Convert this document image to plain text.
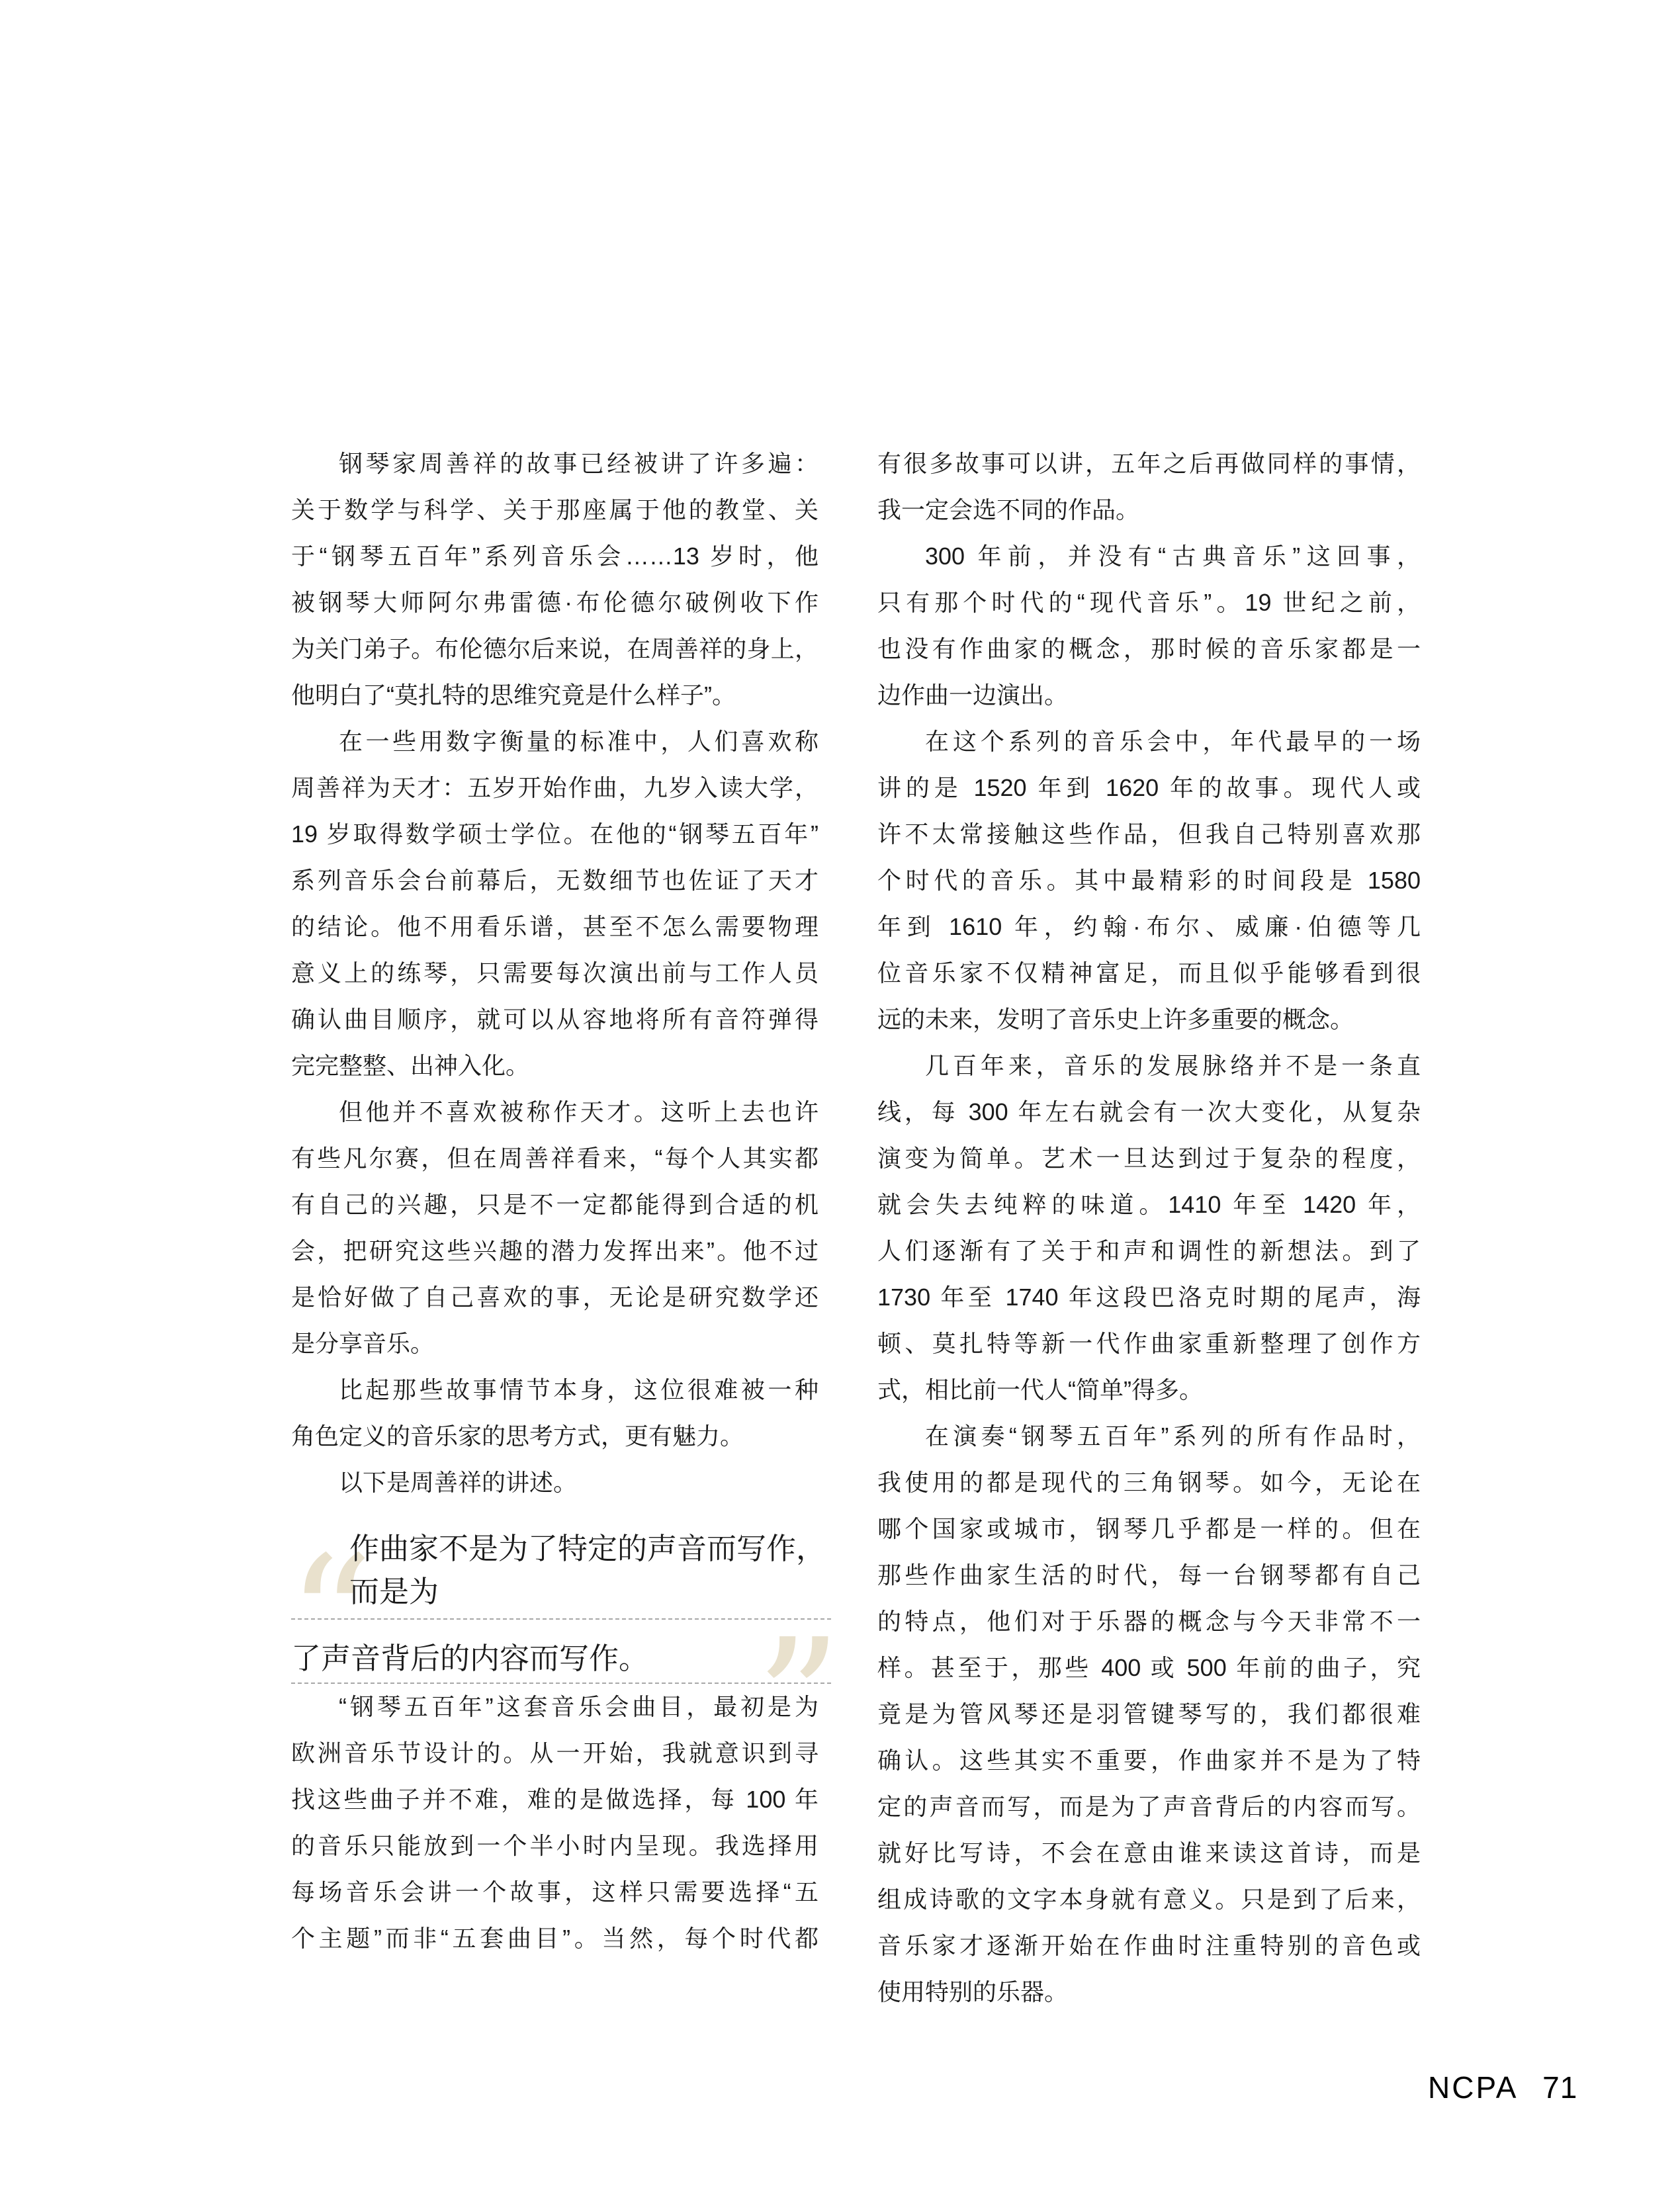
钢琴家周善祥的故事已经被讲了许多遍：
关于数学与科学、关于那座属于他的教堂、关
于“钢琴五百年”系列音乐会……13 岁时，他
被钢琴大师阿尔弗雷德·布伦德尔破例收下作
为关门弟子。布伦德尔后来说，在周善祥的身上，
他明白了“莫扎特的思维究竟是什么样子”。
在一些用数字衡量的标准中，人们喜欢称
周善祥为天才：五岁开始作曲，九岁入读大学，
19 岁取得数学硕士学位。在他的“钢琴五百年”
系列音乐会台前幕后，无数细节也佐证了天才
的结论。他不用看乐谱，甚至不怎么需要物理
意义上的练琴，只需要每次演出前与工作人员
确认曲目顺序，就可以从容地将所有音符弹得
完完整整、出神入化。
但他并不喜欢被称作天才。这听上去也许
有些凡尔赛，但在周善祥看来，“每个人其实都
有自己的兴趣，只是不一定都能得到合适的机
会，把研究这些兴趣的潜力发挥出来”。他不过
是恰好做了自己喜欢的事，无论是研究数学还
是分享音乐。
比起那些故事情节本身，这位很难被一种
角色定义的音乐家的思考方式，更有魅力。
以下是周善祥的讲述。
“
作曲家不是为了特定的声音而写作，而是为
了声音背后的内容而写作。 ”
“钢琴五百年”这套音乐会曲目，最初是为
欧洲音乐节设计的。从一开始，我就意识到寻
找这些曲子并不难，难的是做选择，每 100 年
的音乐只能放到一个半小时内呈现。我选择用
每场音乐会讲一个故事，这样只需要选择“五
个主题”而非“五套曲目”。当然，每个时代都
有很多故事可以讲，五年之后再做同样的事情，
我一定会选不同的作品。
300 年前，并没有“古典音乐”这回事，
只有那个时代的“现代音乐”。19 世纪之前，
也没有作曲家的概念，那时候的音乐家都是一
边作曲一边演出。
在这个系列的音乐会中，年代最早的一场
讲的是 1520 年到 1620 年的故事。现代人或
许不太常接触这些作品，但我自己特别喜欢那
个时代的音乐。其中最精彩的时间段是 1580
年到 1610 年，约翰·布尔、威廉·伯德等几
位音乐家不仅精神富足，而且似乎能够看到很
远的未来，发明了音乐史上许多重要的概念。
几百年来，音乐的发展脉络并不是一条直
线，每 300 年左右就会有一次大变化，从复杂
演变为简单。艺术一旦达到过于复杂的程度，
就会失去纯粹的味道。1410 年至 1420 年，
人们逐渐有了关于和声和调性的新想法。到了
1730 年至 1740 年这段巴洛克时期的尾声，海
顿、莫扎特等新一代作曲家重新整理了创作方
式，相比前一代人“简单”得多。
在演奏“钢琴五百年”系列的所有作品时，
我使用的都是现代的三角钢琴。如今，无论在
哪个国家或城市，钢琴几乎都是一样的。但在
那些作曲家生活的时代，每一台钢琴都有自己
的特点，他们对于乐器的概念与今天非常不一
样。甚至于，那些 400 或 500 年前的曲子，究
竟是为管风琴还是羽管键琴写的，我们都很难
确认。这些其实不重要，作曲家并不是为了特
定的声音而写，而是为了声音背后的内容而写。
就好比写诗，不会在意由谁来读这首诗，而是
组成诗歌的文字本身就有意义。只是到了后来，
音乐家才逐渐开始在作曲时注重特别的音色或
使用特别的乐器。
NCPA 71
